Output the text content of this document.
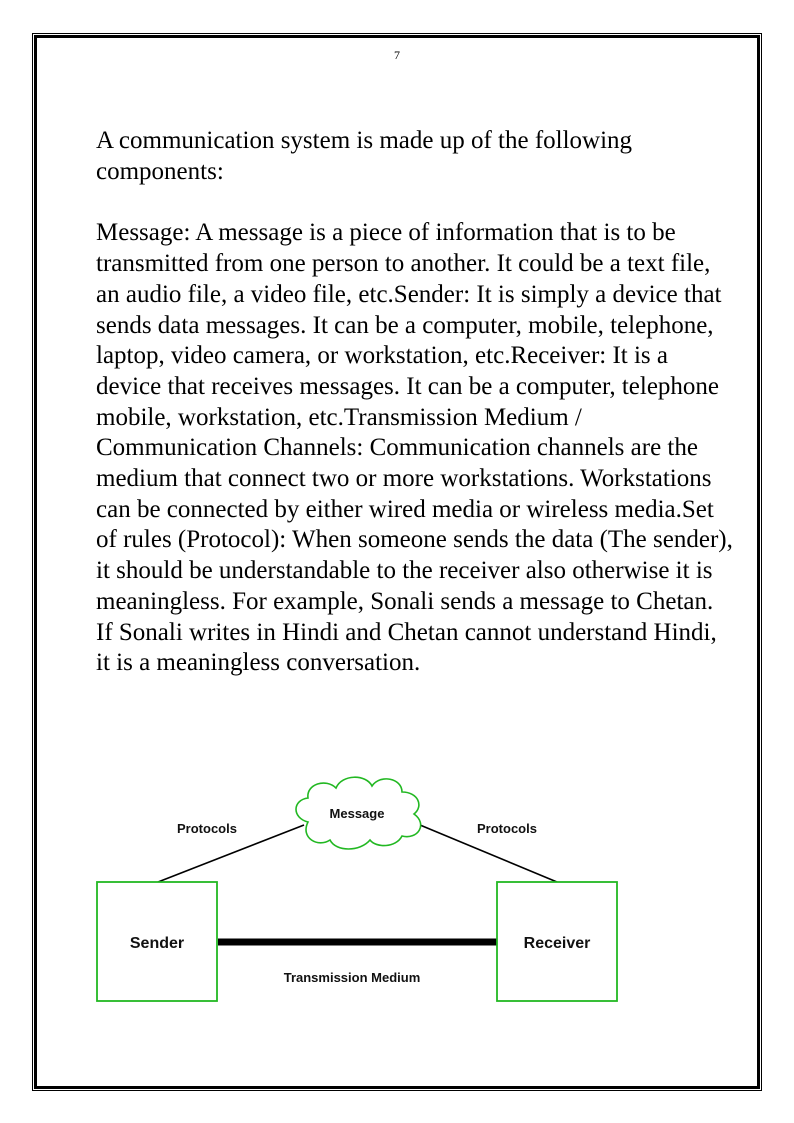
7

A communication system is made up of the following components:

Message: A message is a piece of information that is to be transmitted from one person to another. It could be a text file, an audio file, a video file, etc.Sender: It is simply a device that sends data messages. It can be a computer, mobile, telephone, laptop, video camera, or workstation, etc.Receiver: It is a device that receives messages. It can be a computer, telephone mobile, workstation, etc.Transmission Medium / Communication Channels: Communication channels are the medium that connect two or more workstations. Workstations can be connected by either wired media or wireless media.Set of rules (Protocol): When someone sends the data (The sender), it should be understandable to the receiver also otherwise it is meaningless. For example, Sonali sends a message to Chetan. If Sonali writes in Hindi and Chetan cannot understand Hindi, it is a meaningless conversation.

Message
Protocols	Protocols
Sender	Receiver
Transmission Medium
